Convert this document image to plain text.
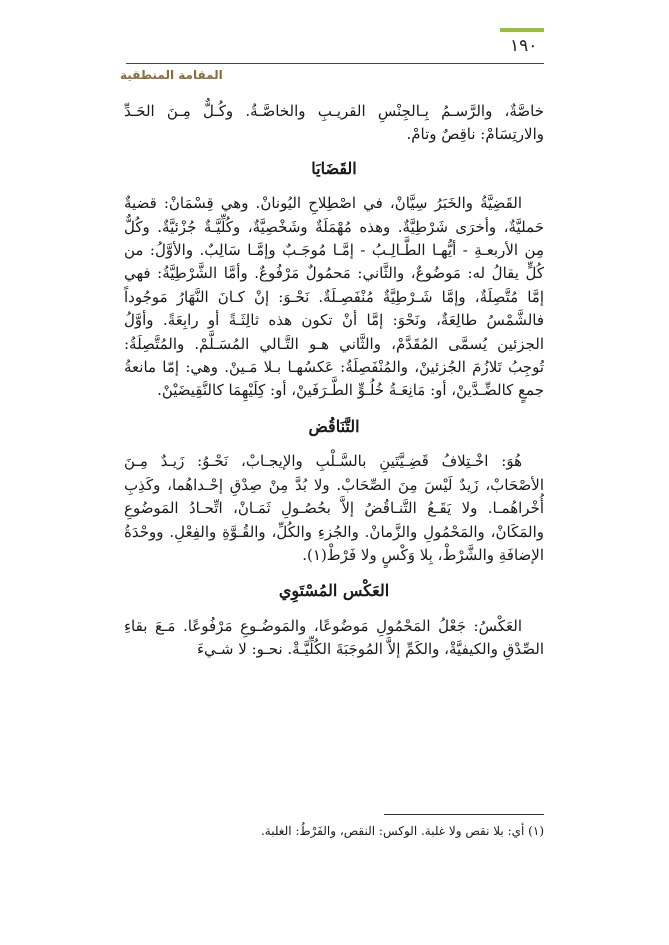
١٩٠
المقامة المنطقية

خاصَّةٌ، والرَّسـمُ بِـالجِنْسِ القريـبِ والخاصَّـةُ. وكُـلٌّ مِـنَ الحَـدِّ والارتِسَامْ: ناقِصٌ وتامْ.

القَضَايَا

القَضِيَّةُ والخَبَرُ سِيَّانْ، في اصْطِلاحِ اليُونانْ. وهي قِسْمَانْ: قضيةٌ حَمليَّةٌ، وأخرَى شَرْطِيَّةٌ. وهذه مُهْمَلَةٌ وشَخْصِيَّةٌ، وكُلِّيَّـةٌ جُزْئيَّةٌ. وكُلٌّ مِن الأربعـةِ - أيُّهـا الطَّـالِـبُ - إمَّـا مُوجَـبٌ وإمَّـا سَالِبٌ. والأوَّلُ: من كُلٍّ يقالُ له: مَوضُوعٌ، والثَّاني: مَحمُولٌ مَرْفُوعٌ. وأمَّا الشَّرْطِيَّةُ: فهي إمَّا مُتَّصِلَةٌ، وإمَّا شَـرْطِيَّةٌ مُنْفَصِـلَةٌ. نَحْـوَ: إنْ كـانَ النَّهَارُ مَوجُوداً فالشَّمْسُ طالِعَةٌ، ونَحْوَ: إمَّا أنْ تكون هذه ثالِثَـةً أو رابِعَةً. وأوَّلُ الجزئين يُسمَّى المُقَدَّمْ، والثَّاني هـو التَّـالي المُسَـلَّمْ. والمُتَّصِلَةُ: تُوجِبُ تَلازُمَ الجُزئينْ، والمُنْفَصِلَةُ: عَكسُهـا بـلا مَـينْ. وهي: إمّا مانعةُ جمعٍ كالضِّـدَّينْ، أو: مَانِعَـةُ خُلُـوٍّ الطَّـرَفَينْ، أو: كِلَيْهِمَا كالنَّقِيضَيْنْ.

التَّنَاقُض

هُوَ: اخْـتِلافُ قَضِـيَّتَينِ بالسَّـلْبِ والإيجـابْ، نَحْـوُ: زَيـدٌ مِـنَ الأصْحَابْ، زَيدٌ لَيْسَ مِنَ الصِّحَابْ. ولا بُدَّ مِنْ صِدْقِ إحْـداهُما، وكَذِبِ أُخْراهُمـا. ولا يَقَـعُ التَّنـاقُضُ إلاَّ بحُصُـولِ ثَمَـانْ، اتِّحـادُ المَوضُوعِ والمَكَانْ، والمَحْمُولِ والزَّمانْ. والجُزءِ والكُلِّ، والقُـوَّةِ والفِعْلِ. ووحْدَةُ الإضافَةِ والشَّرْطْ، بِلا وَكْسٍ ولا فَرْطْ(١).

العَكْس المُسْتَوِي

العَكْسُ: جَعْلُ المَحْمُولِ مَوضُوعًا، والمَوضُـوعِ مَرْفُوعًا. مَـعَ بقاءِ الصِّدْقِ والكيفيَّةْ، والكَمِّ إلاَّ المُوجَبَةَ الكُلِّيَّـةْ. نحـو: لا شـيءَ

(١) أي: بلا نقص ولا غلبة. الوكس: النقص، والفَرْطُ: الغلبة.
